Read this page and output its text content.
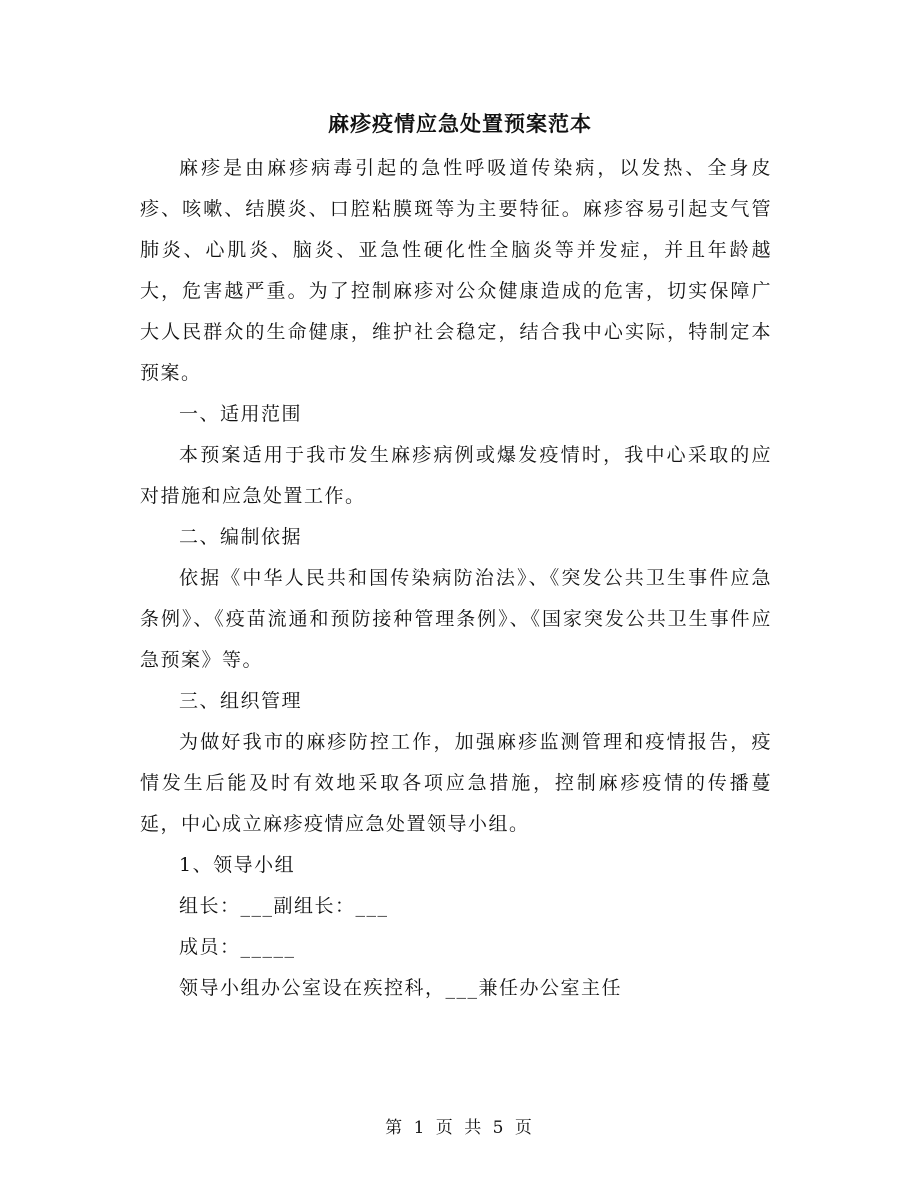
麻疹疫情应急处置预案范本

麻疹是由麻疹病毒引起的急性呼吸道传染病，以发热、全身皮疹、咳嗽、结膜炎、口腔粘膜斑等为主要特征。麻疹容易引起支气管肺炎、心肌炎、脑炎、亚急性硬化性全脑炎等并发症，并且年龄越大，危害越严重。为了控制麻疹对公众健康造成的危害，切实保障广大人民群众的生命健康，维护社会稳定，结合我中心实际，特制定本预案。

一、适用范围

本预案适用于我市发生麻疹病例或爆发疫情时，我中心采取的应对措施和应急处置工作。

二、编制依据

依据《中华人民共和国传染病防治法》、《突发公共卫生事件应急条例》、《疫苗流通和预防接种管理条例》、《国家突发公共卫生事件应急预案》等。

三、组织管理

为做好我市的麻疹防控工作，加强麻疹监测管理和疫情报告，疫情发生后能及时有效地采取各项应急措施，控制麻疹疫情的传播蔓延，中心成立麻疹疫情应急处置领导小组。

1、领导小组

组长：___副组长：___

成员：_____

领导小组办公室设在疾控科，___兼任办公室主任

第 1 页 共 5 页
